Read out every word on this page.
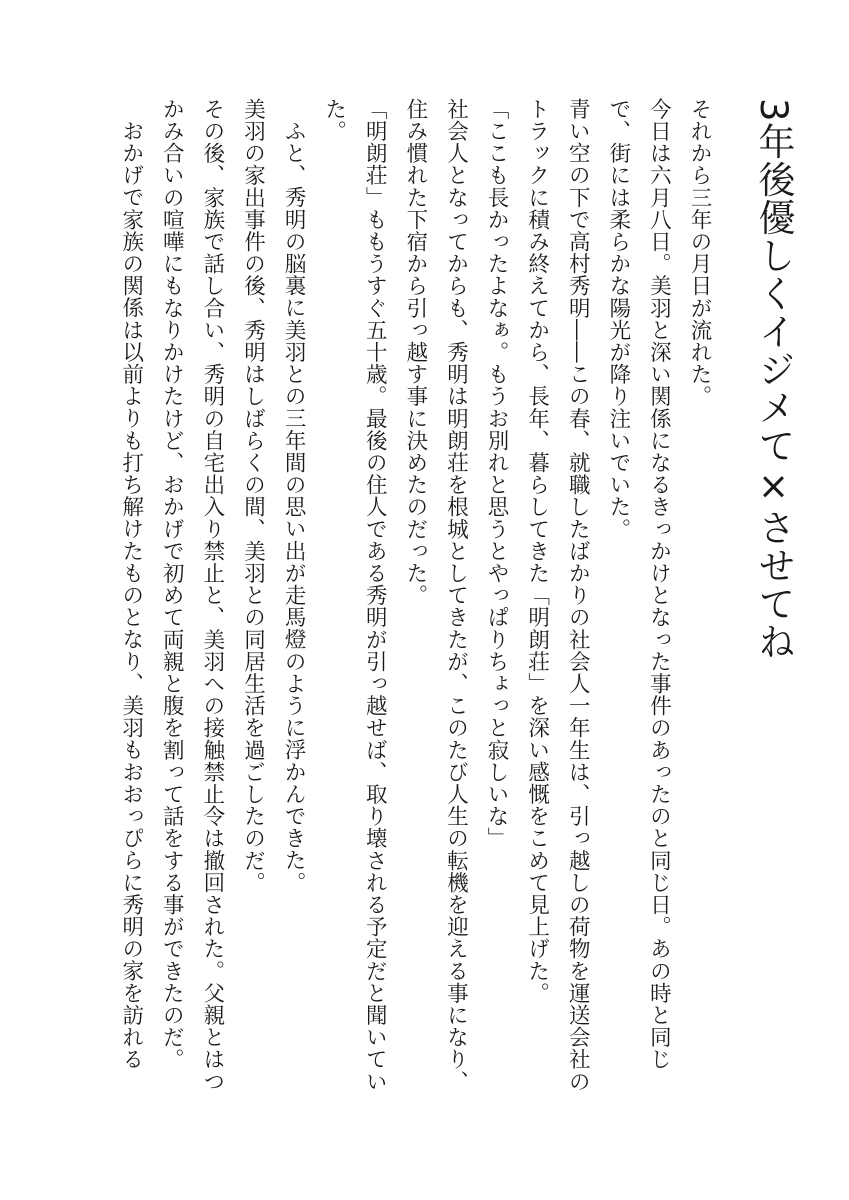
3年後優しくイジメて×させてね

それから三年の月日が流れた。

今日は六月八日。美羽と深い関係になるきっかけとなった事件のあったのと同じ日。あの時と同じで、街には柔らかな陽光が降り注いでいた。

青い空の下で高村秀明――この春、就職したばかりの社会人一年生は、引っ越しの荷物を運送会社のトラックに積み終えてから、長年、暮らしてきた「明朗荘」を深い感慨をこめて見上げた。

「ここも長かったよなぁ。もうお別れと思うとやっぱりちょっと寂しいな」

社会人となってからも、秀明は明朗荘を根城としてきたが、このたび人生の転機を迎える事になり、住み慣れた下宿から引っ越す事に決めたのだった。

「明朗荘」ももうすぐ五十歳。最後の住人である秀明が引っ越せば、取り壊される予定だと聞いていた。

ふと、秀明の脳裏に美羽との三年間の思い出が走馬燈のように浮かんできた。

美羽の家出事件の後、秀明はしばらくの間、美羽との同居生活を過ごしたのだ。

その後、家族で話し合い、秀明の自宅出入り禁止と、美羽への接触禁止令は撤回された。父親とはつかみ合いの喧嘩にもなりかけたけど、おかげで初めて両親と腹を割って話をする事ができたのだ。

おかげで家族の関係は以前よりも打ち解けたものとなり、美羽もおおっぴらに秀明の家を訪れる
